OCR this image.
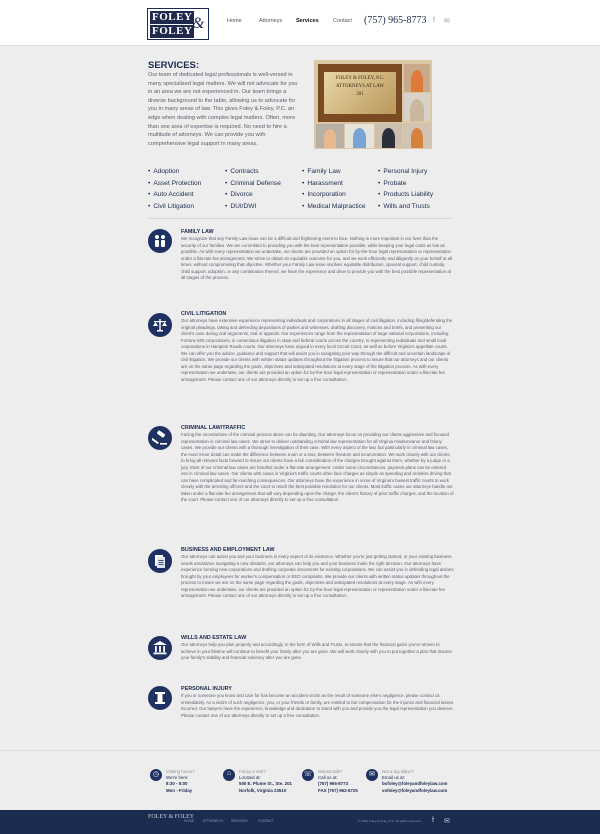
FOLEY
FOLEY &	Home	Attorneys	Services	Contact (757) 965-8773 f ✉
SERVICES:
Our team of dedicated legal professionals is well-versed in many specialized legal matters. We will not advocate for you in an area we are not experienced in. Our team brings a diverse background to the table, allowing us to advocate for you in many areas of law. This gives Foley & Foley, P.C. an edge when dealing with complex legal matters. Often, more than one area of expertise is required. No need to hire a multitude of attorneys. We can provide you with comprehensive legal support in many areas.
FOLEY & FOLEY, P.C.
ATTORNEYS AT LAW
201
• Adoption
• Asset Protection
• Auto Accident
• Civil Litigation
• Contracts
• Criminal Defense
• Divorce
• DUI/DWI
• Family Law
• Harassment
• Incorporation
• Medical Malpractice
• Personal Injury
• Probate
• Products Liability
• Wills and Trusts
FAMILY LAW
We recognize that any Family Law issue can be a difficult and frightening event to face. Nothing is more important in our lives than the security of our families. We are committed to providing you with the best representation possible, while keeping your legal costs as low as possible. As with every representation we undertake, our clients are provided an option for by-the-hour legal representation or representation under a flat-rate fee arrangement. We strive to obtain an equitable outcome for you, and we work efficiently and diligently on your behalf at all times, without compromising that objective. Whether your Family Law issue involves equitable distribution, spousal support, child custody, child support, adoption, or any combination thereof, we have the experience and drive to provide you with the best possible representation at all stages of the process.
CIVIL LITIGATION
Our attorneys have extensive experience representing individuals and corporations in all stages of civil litigation, including filing/defending the original pleadings, taking and defending depositions of parties and witnesses, drafting discovery, motions and briefs, and presenting our client's case during oral arguments, trial or appeals. Our experiences range from the representation of large national corporations, including Fortune 500 corporations, in contentious litigation in state and federal courts across the country, to representing individuals and small local corporations in Hampton Roads courts. Our attorneys have argued in every local Circuit Court, as well as before Virginia's appellate courts. We can offer you the advice, guidance and support that will assist you in navigating your way through the difficult and uncertain landscape of civil litigation. We provide our clients with written status updates throughout the litigation process to insure that our attorneys and our clients are on the same page regarding the goals, objectives and anticipated resolutions at every stage of the litigation process. As with every representation we undertake, our clients are provided an option for by-the-hour legal representation or representation under a flat-rate fee arrangement. Please contact one of our attorneys directly to set up a free consultation.
CRIMINAL LAW/TRAFFIC
Facing the uncertainties of the criminal process alone can be daunting. Our attorneys focus on providing our clients aggressive and focused representation in criminal law cases. We strive to deliver outstanding criminal law representation for all Virginia misdemeanor and felony cases. We provide our clients with a thorough investigation of their case. With every aspect of the law, but particularly in criminal law cases, the most minor detail can make the difference between a win or a loss, between freedom and incarceration. We work closely with our clients to bring all relevant facts forward to insure our clients have a fair consideration of the charges brought against them, whether by a judge or a jury. Most of our criminal law cases are handled under a flat-rate arrangement. Under some circumstances, payment plans can be entered into in criminal law cases. Our clients with cases in Virginia's traffic courts often face charges as simple as speeding and reckless driving that can have complicated and far-reaching consequences. Our attorneys have the experience in some of Virginia's busiest traffic courts to work closely with the arresting officers and the court to reach the best possible resolution for our clients. Most traffic cases our attorneys handle are taken under a flat-rate fee arrangement that will vary depending upon the charge, the client's history of prior traffic charges, and the location of the court. Please contact one of our attorneys directly to set up a free consultation.
BUSINESS AND EMPLOYMENT LAW
Our attorneys can assist you and your business in every aspect of its existence. Whether you're just getting started, or your existing business needs assistance navigating a new obstacle, our attorneys can help you and your business make the right decision. Our attorneys have experience forming new corporations and drafting corporate documents for existing corporations. We can assist you in defending legal actions brought by your employees for worker's compensation or EEO complaints. We provide our clients with written status updates throughout the process to insure we are on the same page regarding the goals, objectives and anticipated resolutions at every stage. As with every representation we undertake, our clients are provided an option for by-the-hour legal representation or representation under a flat-rate fee arrangement. Please contact one of our attorneys directly to set up a free consultation.
WILLS AND ESTATE LAW
Our attorneys help you plan properly and accordingly, in the form of Wills and Trusts, to ensure that the financial gains you've striven to achieve in your lifetime will continue to benefit your family after you are gone. We will work closely with you to put together a plan that insures your family's stability and financial solvency after you are gone.
PERSONAL INJURY
If you or someone you know and care for has become an accident victim as the result of someone else's negligence, please contact us immediately. As a victim of such negligence, you, or your friends or family, are entitled to fair compensation for the injuries and financial losses incurred. Our lawyers have the experience, knowledge and dedication to stand with you and provide you the legal representation you deserve. Please contact one of our attorneys directly to set up a free consultation.
◷	Visiting hours?
We're here:
8:30 - 5:00
Mon - Friday
⌂	Fancy a visit?
Located at:
500 E. Plume St., Ste. 201
Norfolk, Virginia 23510
☏	Wanna talk?
Call us at:
(757) 965-8773
FAX (757) 962-8725
✉	Not a big talker?
Email us at:
bofoley@foleyandfoleylaw.com
vofoley@foleyandfoleylaw.com
FOLEY & FOLEY
HOME	ATTORNEYS SERVICES	CONTACT	© 2015 Foley & Foley, P.C. All rights reserved. f ✉
